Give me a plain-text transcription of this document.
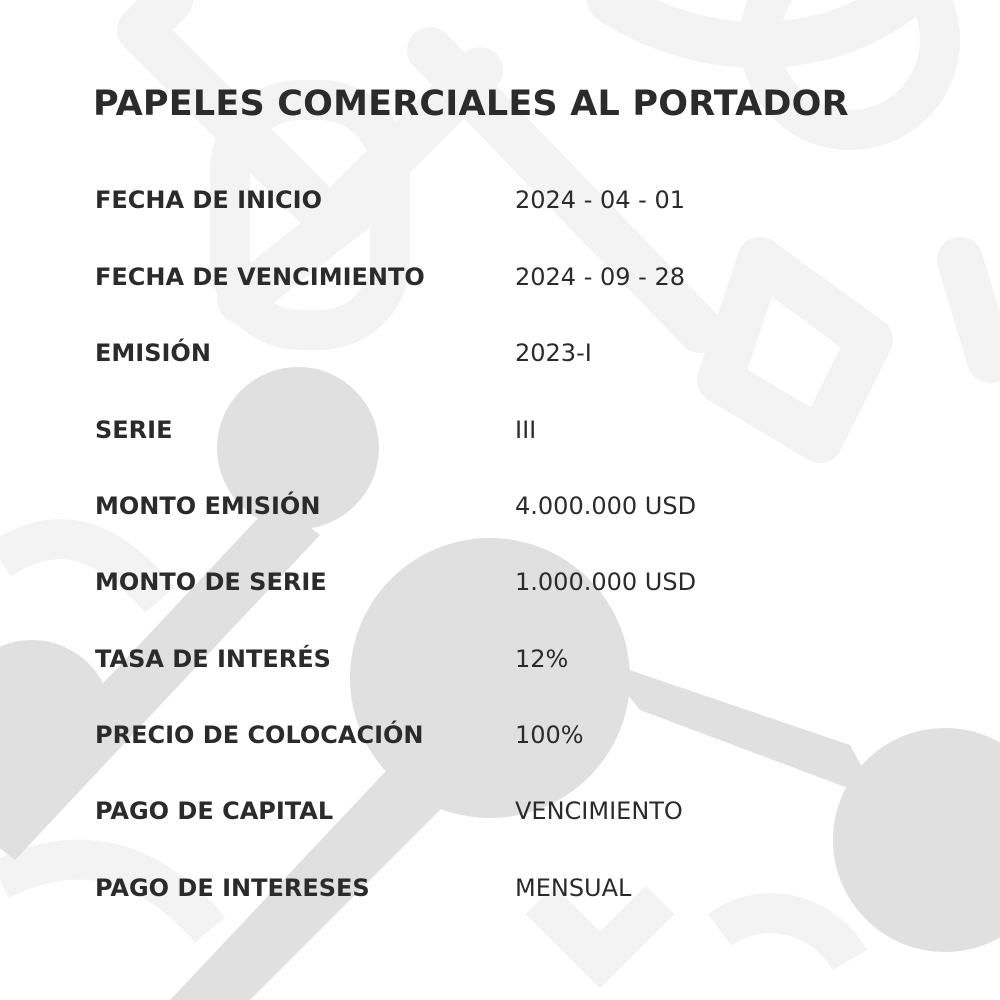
PAPELES COMERCIALES AL PORTADOR
FECHA DE INICIO	2024 - 04 - 01
FECHA DE VENCIMIENTO	2024 - 09 - 28
EMISIÓN	2023-I
SERIE	III
MONTO EMISIÓN	4.000.000 USD
MONTO DE SERIE	1.000.000 USD
TASA DE INTERÉS	12%
PRECIO DE COLOCACIÓN	100%
PAGO DE CAPITAL	VENCIMIENTO
PAGO DE INTERESES	MENSUAL
